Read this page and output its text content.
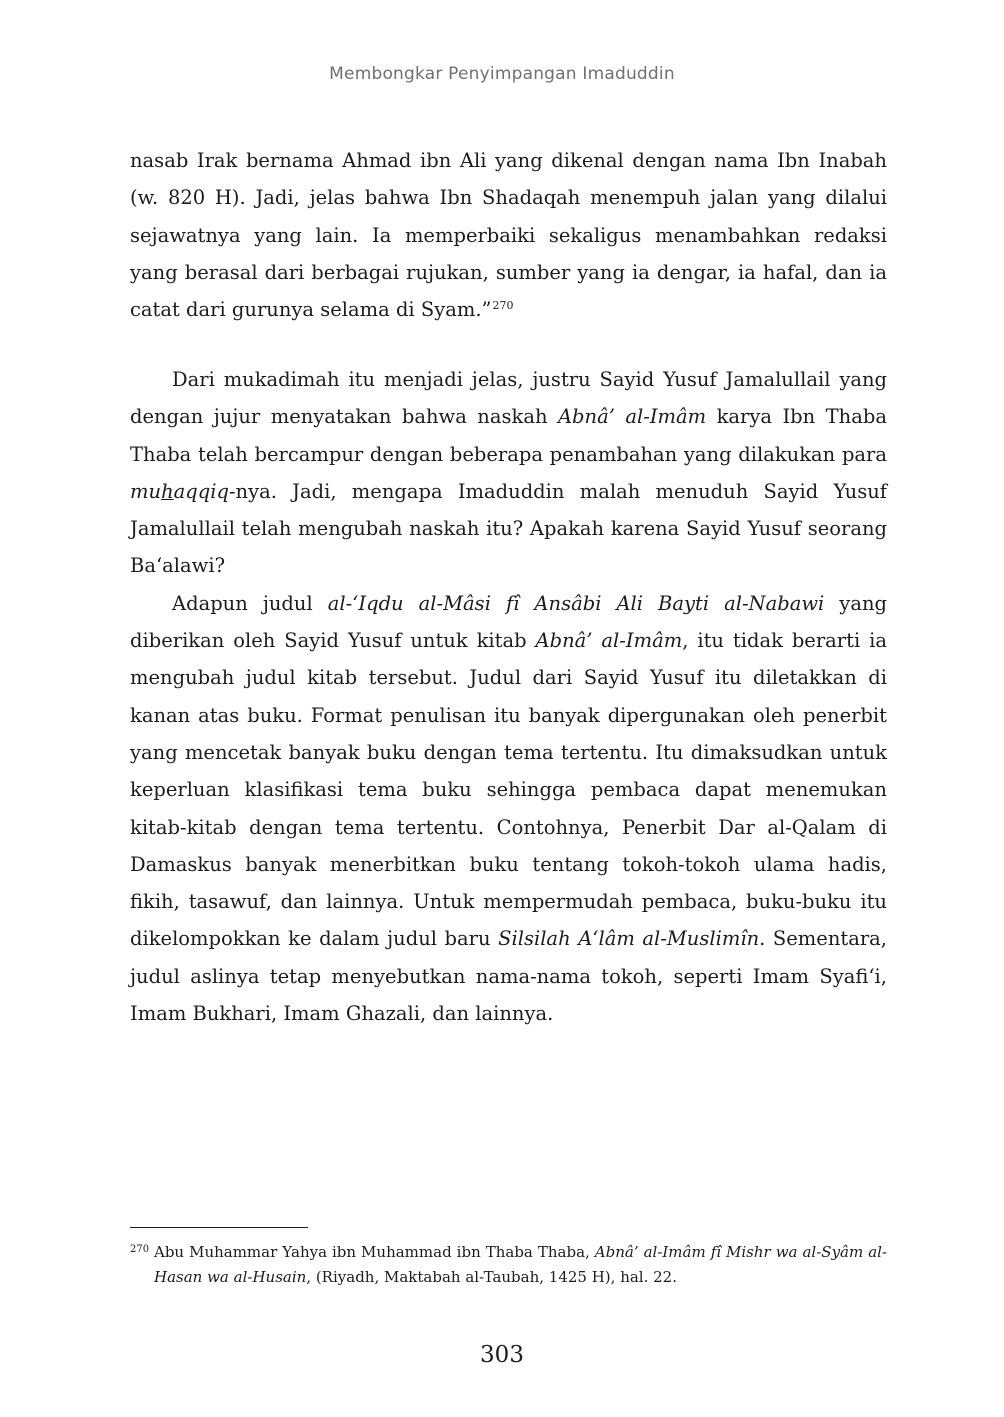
Membongkar Penyimpangan Imaduddin

nasab Irak bernama Ahmad ibn Ali yang dikenal dengan nama Ibn Inabah (w. 820 H). Jadi, jelas bahwa Ibn Shadaqah menempuh jalan yang dilalui sejawatnya yang lain. Ia memperbaiki sekaligus menambahkan redaksi yang berasal dari berbagai rujukan, sumber yang ia dengar, ia hafal, dan ia catat dari gurunya selama di Syam.”$^{270}$

Dari mukadimah itu menjadi jelas, justru Sayid Yusuf Jamalullail yang dengan jujur menyatakan bahwa naskah Abnâ’ al-Imâm karya Ibn Thaba Thaba telah bercampur dengan beberapa penambahan yang dilakukan para muhaqqiq-nya. Jadi, mengapa Imaduddin malah menuduh Sayid Yusuf Jamalullail telah mengubah naskah itu? Apakah karena Sayid Yusuf seorang Ba‘alawi?

Adapun judul al-‘Iqdu al-Mâsi fî Ansâbi Ali Bayti al-Nabawi yang diberikan oleh Sayid Yusuf untuk kitab Abnâ’ al-Imâm, itu tidak berarti ia mengubah judul kitab tersebut. Judul dari Sayid Yusuf itu diletakkan di kanan atas buku. Format penulisan itu banyak dipergunakan oleh penerbit yang mencetak banyak buku dengan tema tertentu. Itu dimaksudkan untuk keperluan klasifikasi tema buku sehingga pembaca dapat menemukan kitab-kitab dengan tema tertentu. Contohnya, Penerbit Dar al-Qalam di Damaskus banyak menerbitkan buku tentang tokoh-tokoh ulama hadis, fikih, tasawuf, dan lainnya. Untuk mempermudah pembaca, buku-buku itu dikelompokkan ke dalam judul baru Silsilah A‘lâm al-Muslimîn. Sementara, judul aslinya tetap menyebutkan nama-nama tokoh, seperti Imam Syafi‘i, Imam Bukhari, Imam Ghazali, dan lainnya.

270 Abu Muhammar Yahya ibn Muhammad ibn Thaba Thaba, Abnâ’ al-Imâm fî Mishr wa al-Syâm al-Hasan wa al-Husain, (Riyadh, Maktabah al-Taubah, 1425 H), hal. 22.
303
